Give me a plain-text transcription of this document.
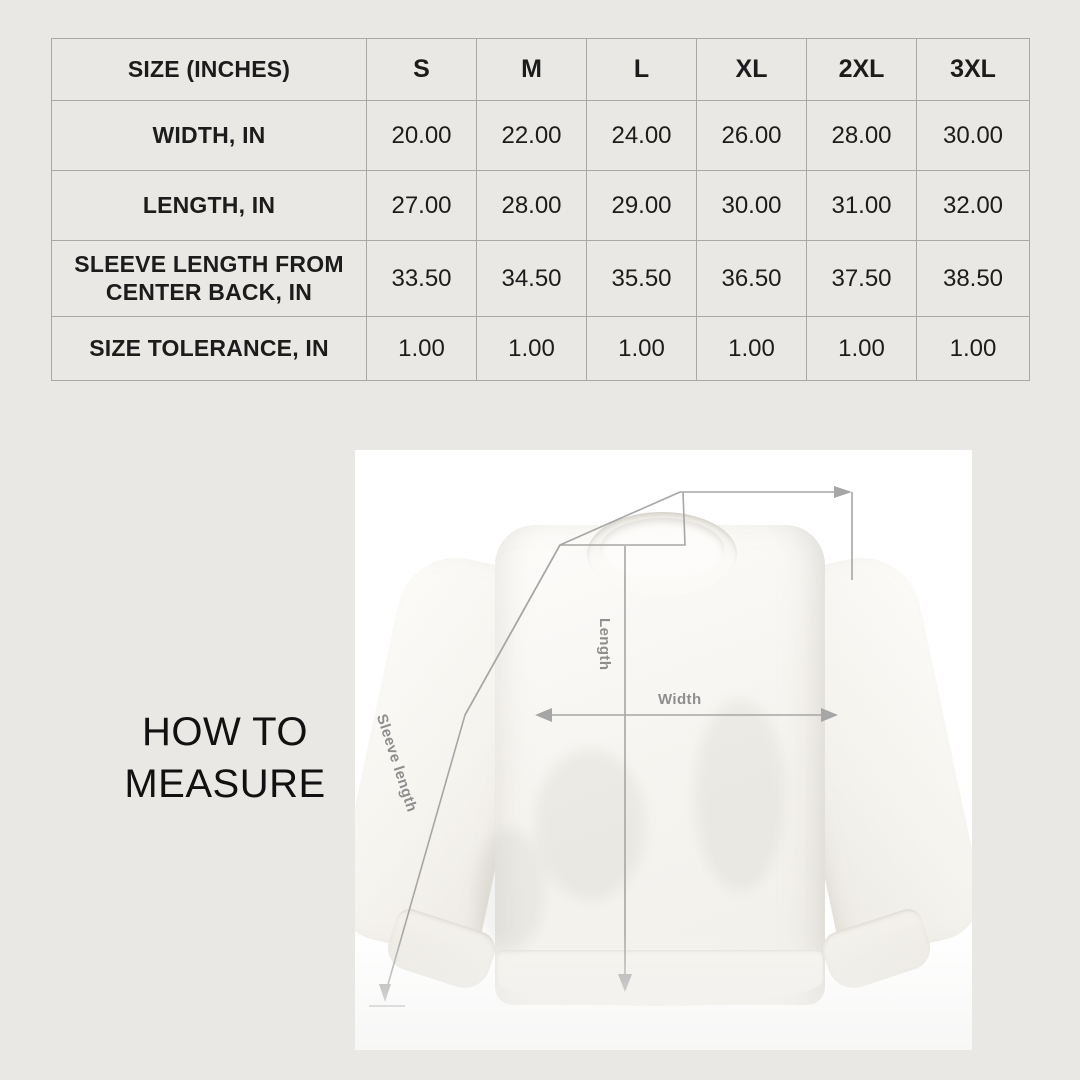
SIZE (INCHES)	S	M	L	XL	2XL	3XL
WIDTH, IN	20.00	22.00	24.00	26.00	28.00	30.00
LENGTH, IN	27.00	28.00	29.00	30.00	31.00	32.00
SLEEVE LENGTH FROM
CENTER BACK, IN	33.50	34.50	35.50	36.50	37.50	38.50
SIZE TOLERANCE, IN	1.00	1.00	1.00	1.00	1.00	1.00
HOW TO
MEASURE
Length
Width
Sleeve length
